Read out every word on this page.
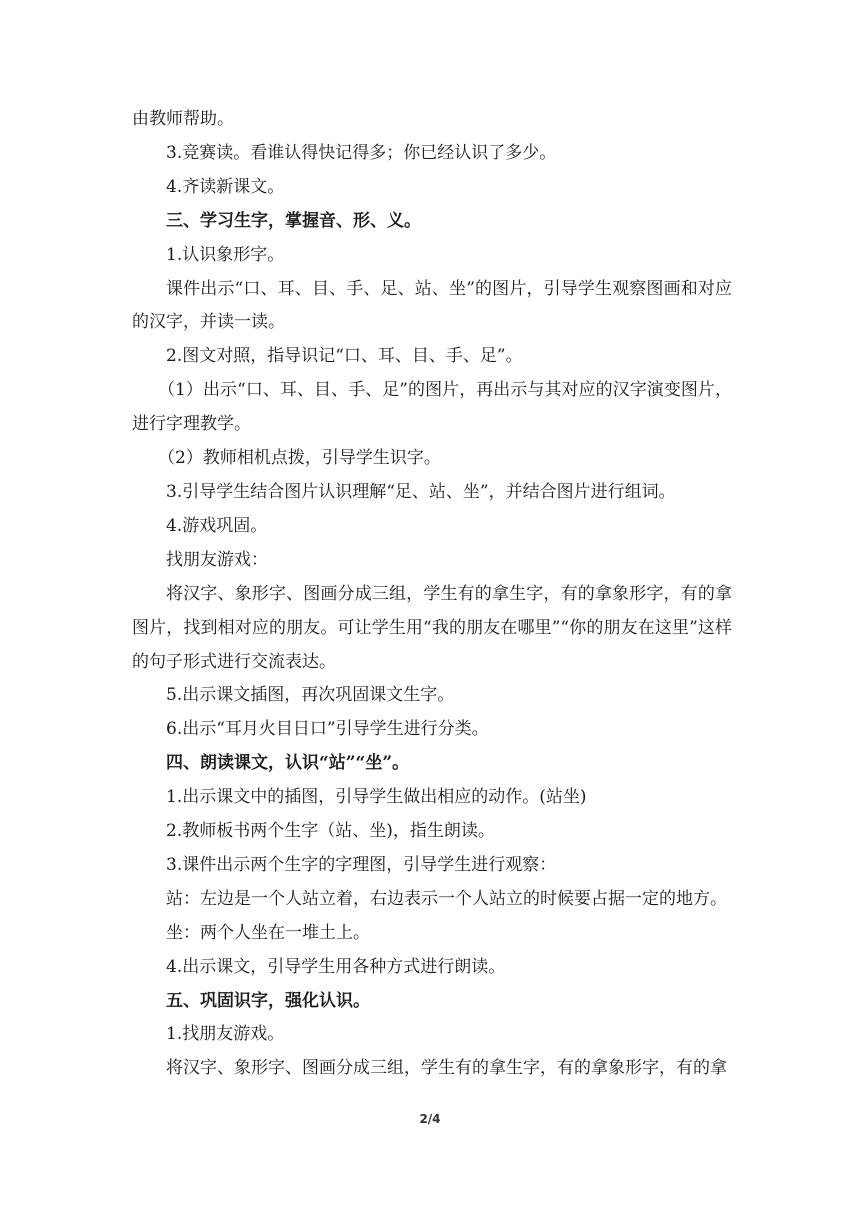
由教师帮助。

3.竞赛读。看谁认得快记得多；你已经认识了多少。

4.齐读新课文。

三、学习生字，掌握音、形、义。

1.认识象形字。

课件出示“口、耳、目、手、足、站、坐”的图片，引导学生观察图画和对应的汉字，并读一读。

2.图文对照，指导识记“口、耳、目、手、足”。

（1）出示“口、耳、目、手、足”的图片，再出示与其对应的汉字演变图片，进行字理教学。

（2）教师相机点拨，引导学生识字。

3.引导学生结合图片认识理解“足、站、坐”，并结合图片进行组词。

4.游戏巩固。

找朋友游戏：

将汉字、象形字、图画分成三组，学生有的拿生字，有的拿象形字，有的拿图片，找到相对应的朋友。可让学生用“我的朋友在哪里”“你的朋友在这里”这样的句子形式进行交流表达。

5.出示课文插图，再次巩固课文生字。

6.出示“耳月火目日口”引导学生进行分类。

四、朗读课文，认识“站”“坐”。

1.出示课文中的插图，引导学生做出相应的动作。(站坐)

2.教师板书两个生字（站、坐)，指生朗读。

3.课件出示两个生字的字理图，引导学生进行观察：

站：左边是一个人站立着，右边表示一个人站立的时候要占据一定的地方。

坐：两个人坐在一堆土上。

4.出示课文，引导学生用各种方式进行朗读。

五、巩固识字，强化认识。

1.找朋友游戏。

将汉字、象形字、图画分成三组，学生有的拿生字，有的拿象形字，有的拿

2/4
